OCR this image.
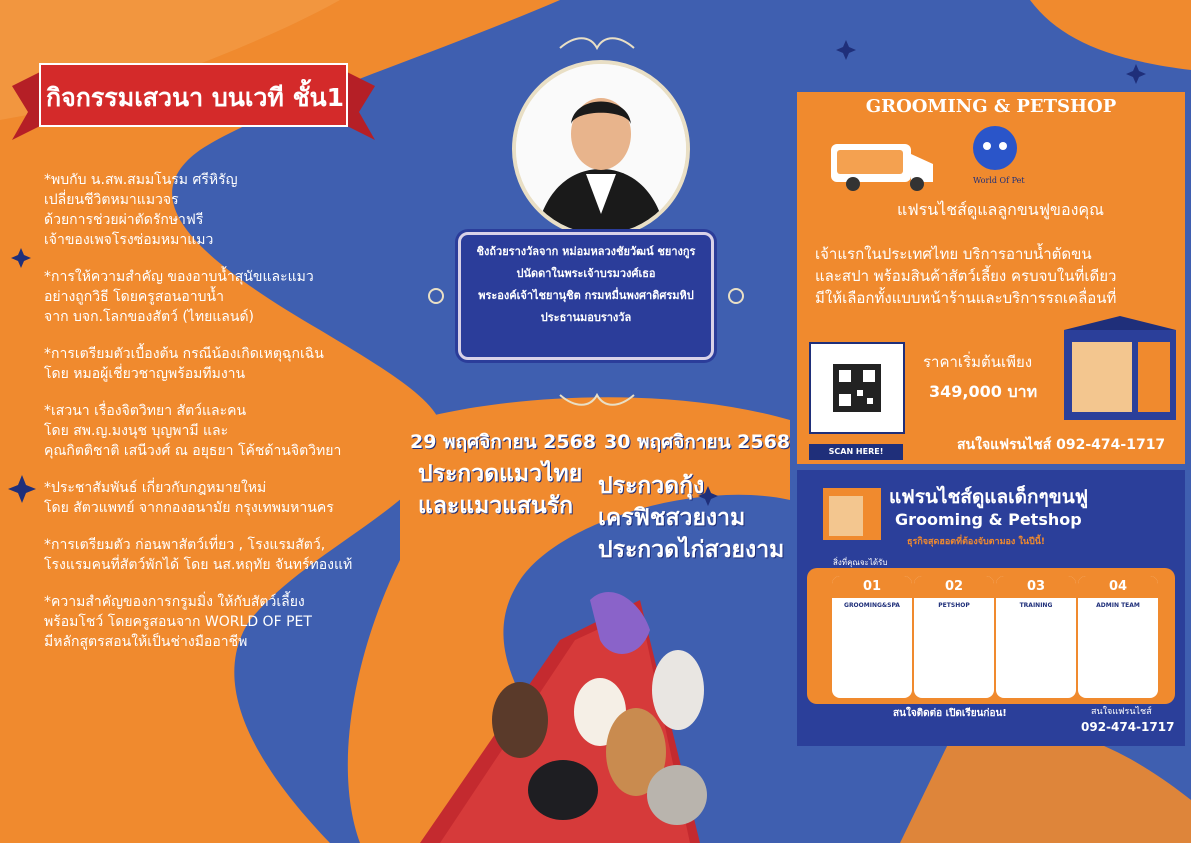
กิจกรรมเสวนา บนเวที ชั้น1
*พบกับ น.สพ.สมมโนรม ศรีหิรัญ
เปลี่ยนชีวิตหมาแมวจร
ด้วยการช่วยผ่าตัดรักษาฟรี
เจ้าของเพจโรงซ่อมหมาแมว
*การให้ความสำคัญ ของอาบน้ำสุนัขและแมว
อย่างถูกวิธี โดยครูสอนอาบน้ำ
จาก บจก.โลกของสัตว์ (ไทยแลนด์)
*การเตรียมตัวเบื้องต้น กรณีน้องเกิดเหตุฉุกเฉิน
โดย หมอผู้เชี่ยวชาญพร้อมทีมงาน
*เสวนา เรื่องจิตวิทยา สัตว์และคน
โดย สพ.ญ.มงนุช บุญพามี และ
คุณกิตติชาติ เสนีวงศ์ ณ อยุธยา โค้ชด้านจิตวิทยา
*ประชาสัมพันธ์ เกี่ยวกับกฎหมายใหม่
โดย สัตวแพทย์ จากกองอนามัย กรุงเทพมหานคร
*การเตรียมตัว ก่อนพาสัตว์เที่ยว , โรงแรมสัตว์,
โรงแรมคนที่สัตว์พักได้ โดย นส.หฤทัย จันทร์ทองแท้
*ความสำคัญของการกรูมมิ่ง ให้กับสัตว์เลี้ยง
พร้อมโชว์ โดยครูสอนจาก WORLD OF PET
มีหลักสูตรสอนให้เป็นช่างมืออาชีพ
ชิงถ้วยรางวัลจาก หม่อมหลวงชัยวัฒน์ ชยางกูร
ปนัดดาในพระเจ้าบรมวงศ์เธอ
พระองค์เจ้าไชยานุชิต กรมหมื่นพงศาดิศรมหิป
ประธานมอบรางวัล
29 พฤศจิกายน 2568 30 พฤศจิกายน 2568
ประกวดแมวไทย
และแมวแสนรัก
ประกวดกุ้ง
เครฟิชสวยงาม
ประกวดไก่สวยงาม
GROOMING & PETSHOP
World Of Pet
แฟรนไชส์ดูแลลูกขนฟูของคุณ
เจ้าแรกในประเทศไทย บริการอาบน้ำตัดขน
และสปา พร้อมสินค้าสัตว์เลี้ยง ครบจบในที่เดียว
มีให้เลือกทั้งแบบหน้าร้านและบริการรถเคลื่อนที่
SCAN HERE!
ราคาเริ่มต้นเพียง
349,000 บาท
สนใจแฟรนไชส์ 092-474-1717
แฟรนไชส์ดูแลเด็กๆขนฟู
Grooming & Petshop
ธุรกิจสุดฮอตที่ต้องจับตามอง ในปีนี้!
สิ่งที่คุณจะได้รับ
สนใจติดต่อ เปิดเรียนก่อน!	สนใจแฟรนไชส์
092-474-1717
01
GROOMING&SPA
02
PETSHOP
03
TRAINING
04
ADMIN TEAM
